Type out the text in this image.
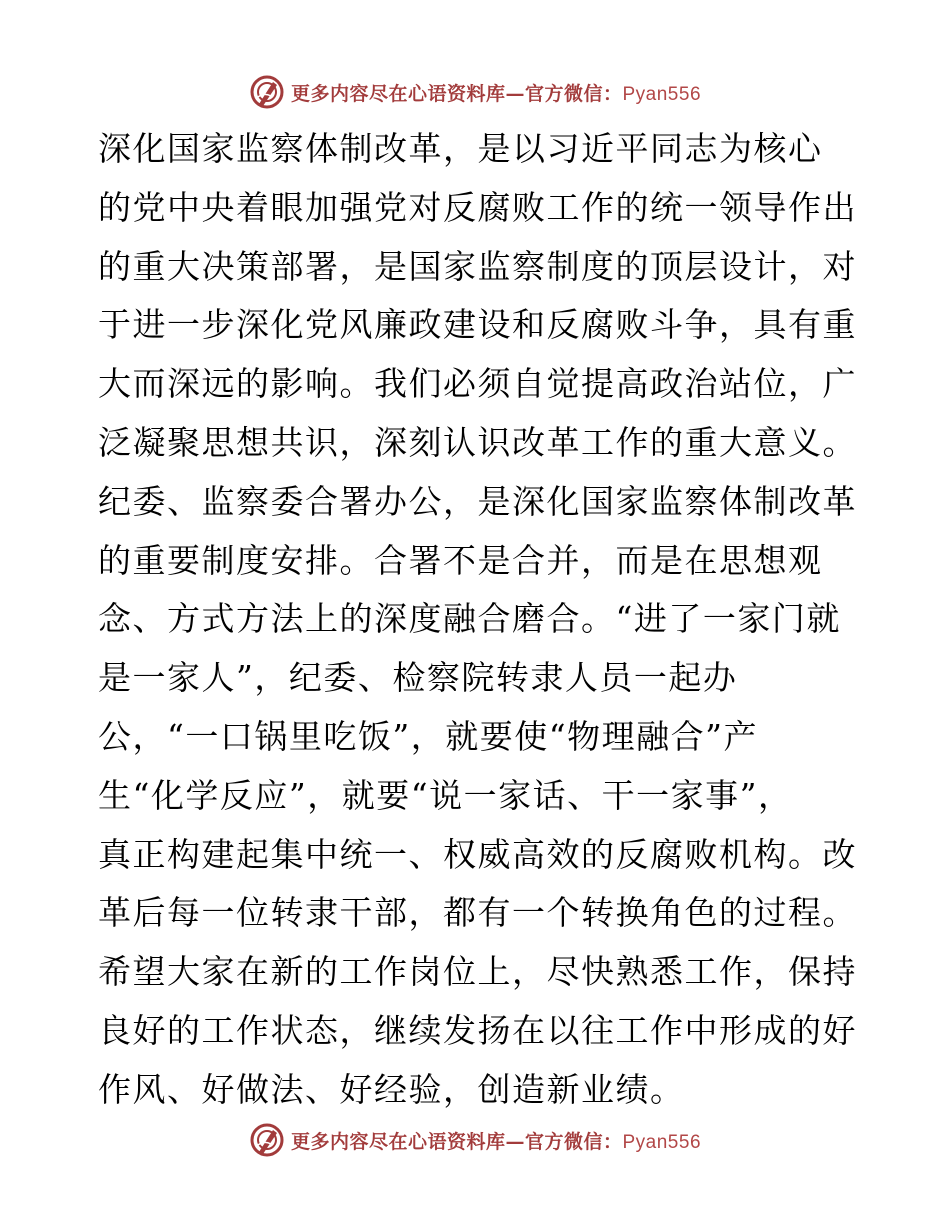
更多内容尽在心语资料库—官方微信：Pyan556
深化国家监察体制改革，是以习近平同志为核心
的党中央着眼加强党对反腐败工作的统一领导作出
的重大决策部署，是国家监察制度的顶层设计，对
于进一步深化党风廉政建设和反腐败斗争，具有重
大而深远的影响。我们必须自觉提高政治站位，广
泛凝聚思想共识，深刻认识改革工作的重大意义。
纪委、监察委合署办公，是深化国家监察体制改革
的重要制度安排。合署不是合并，而是在思想观
念、方式方法上的深度融合磨合。“进了一家门就
是一家人”，纪委、检察院转隶人员一起办
公，“一口锅里吃饭”，就要使“物理融合”产
生“化学反应”，就要“说一家话、干一家事”，
真正构建起集中统一、权威高效的反腐败机构。改
革后每一位转隶干部，都有一个转换角色的过程。
希望大家在新的工作岗位上，尽快熟悉工作，保持
良好的工作状态，继续发扬在以往工作中形成的好
作风、好做法、好经验，创造新业绩。
更多内容尽在心语资料库—官方微信：Pyan556
